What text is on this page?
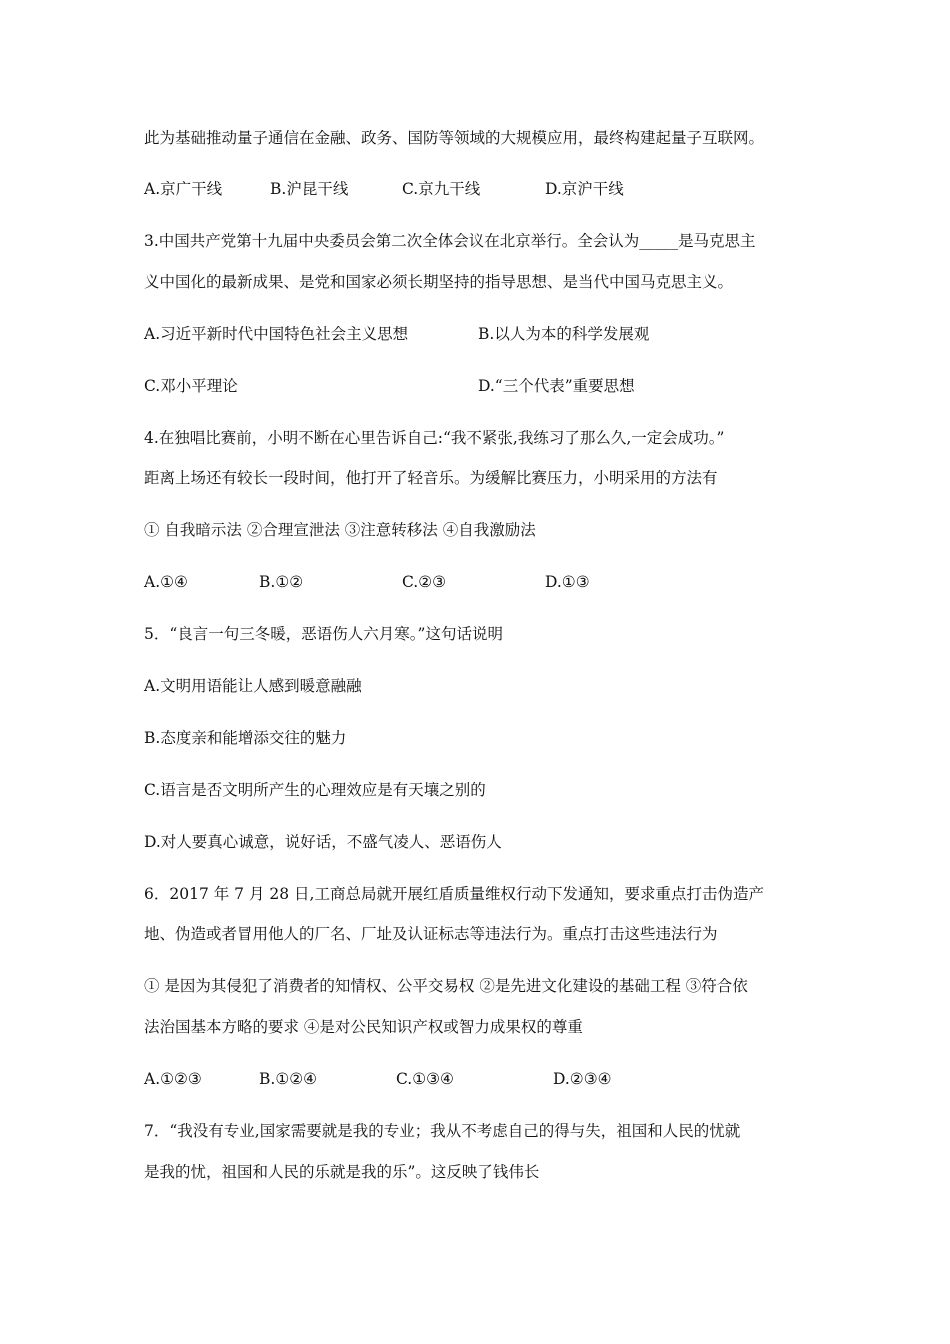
此为基础推动量子通信在金融、政务、国防等领域的大规模应用，最终构建起量子互联网。
A.京广干线	B.沪昆干线	C.京九干线	D.京沪干线
3.中国共产党第十九届中央委员会第二次全体会议在北京举行。全会认为_____是马克思主
义中国化的最新成果、是党和国家必须长期坚持的指导思想、是当代中国马克思主义。
A.习近平新时代中国特色社会主义思想	B.以人为本的科学发展观
C.邓小平理论	D.“三个代表”重要思想
4.在独唱比赛前，小明不断在心里告诉自己:“我不紧张,我练习了那么久,一定会成功。”
距离上场还有较长一段时间，他打开了轻音乐。为缓解比赛压力，小明采用的方法有
① 自我暗示法 ②合理宣泄法 ③注意转移法 ④自我激励法
A.①④	B.①②	C.②③	D.①③
5．“良言一句三冬暖，恶语伤人六月寒。”这句话说明
A.文明用语能让人感到暖意融融
B.态度亲和能增添交往的魅力
C.语言是否文明所产生的心理效应是有天壤之别的
D.对人要真心诚意，说好话，不盛气凌人、恶语伤人
6．2017 年 7 月 28 日,工商总局就开展红盾质量维权行动下发通知，要求重点打击伪造产
地、伪造或者冒用他人的厂名、厂址及认证标志等违法行为。重点打击这些违法行为
① 是因为其侵犯了消费者的知情权、公平交易权 ②是先进文化建设的基础工程 ③符合依
法治国基本方略的要求 ④是对公民知识产权或智力成果权的尊重
A.①②③	B.①②④	C.①③④	D.②③④
7．“我没有专业,国家需要就是我的专业；我从不考虑自己的得与失，祖国和人民的忧就
是我的忧，祖国和人民的乐就是我的乐”。这反映了钱伟长
